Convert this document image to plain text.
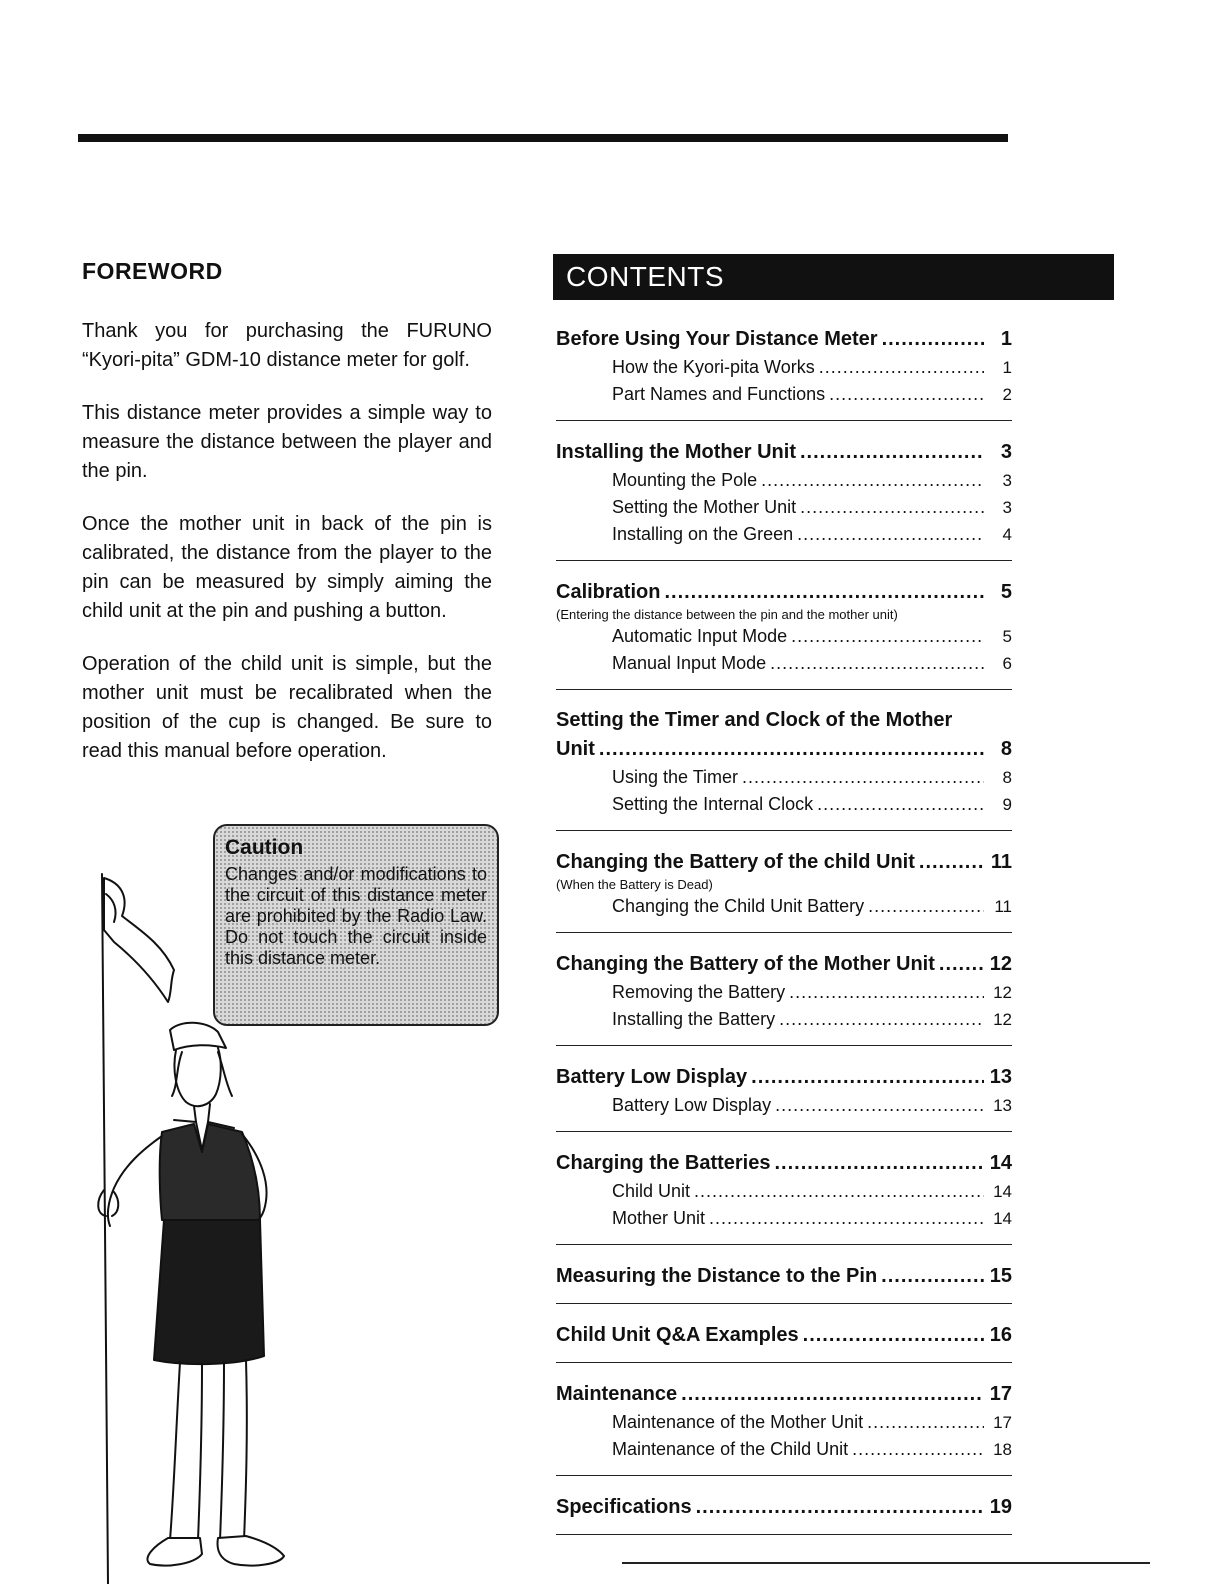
FOREWORD

Thank you for purchasing the FURUNO “Kyori-pita” GDM-10 distance meter for golf.

This distance meter provides a simple way to measure the distance between the player and the pin.

Once the mother unit in back of the pin is calibrated, the distance from the player to the pin can be measured by simply aiming the child unit at the pin and pushing a button.

Operation of the child unit is simple, but the mother unit must be recalibrated when the position of the cup is changed. Be sure to read this manual before operation.

Caution
Changes and/or modifications to the circuit of this distance meter are prohibited by the Radio Law. Do not touch the circuit inside this distance meter.
CONTENTS
Before Using Your Distance Meter .....	1
How the Kyori-pita Works .....	1
Part Names and Functions .....	2
Installing the Mother Unit .....	3
Mounting the Pole .....	3
Setting the Mother Unit .....	3
Installing on the Green .....	4
Calibration .....	5
(Entering the distance between the pin and the mother unit)
Automatic Input Mode .....	5
Manual Input Mode .....	6
Setting the Timer and Clock of the Mother
Unit .....	8
Using the Timer .....	8
Setting the Internal Clock .....	9
Changing the Battery of the child Unit .....	11
(When the Battery is Dead)
Changing the Child Unit Battery .....	11
Changing the Battery of the Mother Unit .....	12
Removing the Battery .....	12
Installing the Battery .....	12
Battery Low Display .....	13
Battery Low Display .....	13
Charging the Batteries .....	14
Child Unit .....	14
Mother Unit .....	14
Measuring the Distance to the Pin .....	15
Child Unit Q&A Examples .....	16
Maintenance .....	17
Maintenance of the Mother Unit .....	17
Maintenance of the Child Unit .....	18
Specifications .....	19
